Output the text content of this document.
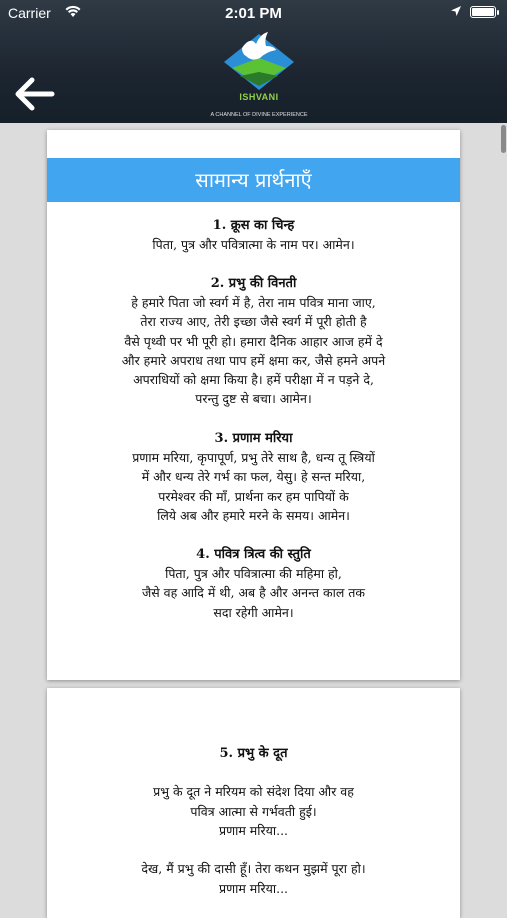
Carrier	2:01 PM
ISHVANI
A CHANNEL OF DIVINE EXPERIENCE
सामान्य प्रार्थनाएँ
1. क्रूस का चिन्ह
पिता, पुत्र और पवित्रात्मा के नाम पर। आमेन।
2. प्रभु की विनती
हे हमारे पिता जो स्वर्ग में है, तेरा नाम पवित्र माना जाए,
तेरा राज्य आए, तेरी इच्छा जैसे स्वर्ग में पूरी होती है
वैसे पृथ्वी पर भी पूरी हो। हमारा दैनिक आहार आज हमें दे
और हमारे अपराध तथा पाप हमें क्षमा कर, जैसे हमने अपने
अपराधियों को क्षमा किया है। हमें परीक्षा में न पड़ने दे,
परन्तु दुष्ट से बचा। आमेन।
3. प्रणाम मरिया
प्रणाम मरिया, कृपापूर्ण, प्रभु तेरे साथ है, धन्य तू स्त्रियों
में और धन्य तेरे गर्भ का फल, येसु। हे सन्त मरिया,
परमेश्वर की माँ, प्रार्थना कर हम पापियों के
लिये अब और हमारे मरने के समय। आमेन।
4. पवित्र त्रित्व की स्तुति
पिता, पुत्र और पवित्रात्मा की महिमा हो,
जैसे वह आदि में थी, अब है और अनन्त काल तक
सदा रहेगी आमेन।
5. प्रभु के दूत

प्रभु के दूत ने मरियम को संदेश दिया और वह
पवित्र आत्मा से गर्भवती हुई।
प्रणाम मरिया...

देख, मैं प्रभु की दासी हूँ। तेरा कथन मुझमें पूरा हो।
प्रणाम मरिया...
